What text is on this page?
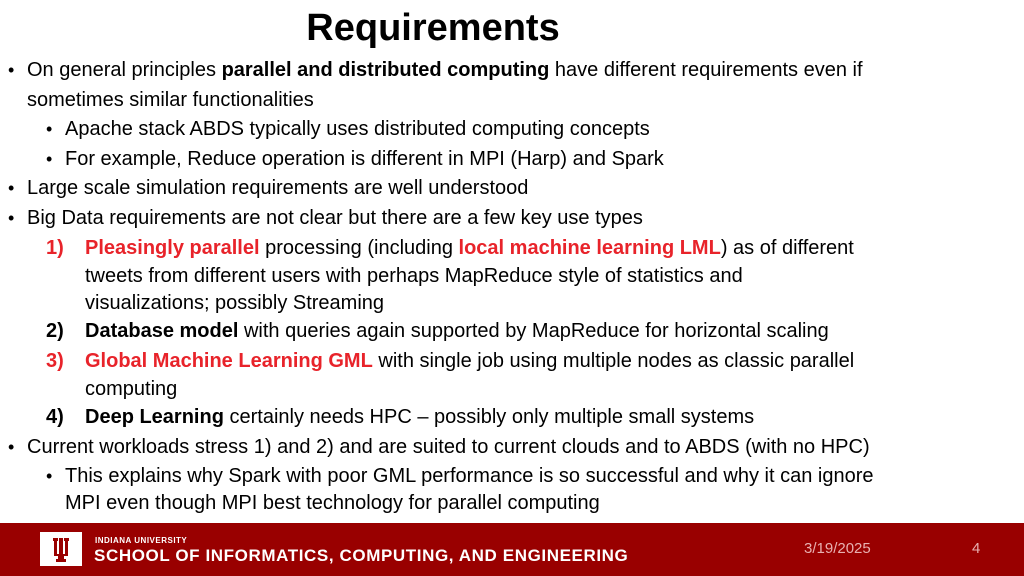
Requirements
• On general principles parallel and distributed computing have different requirements even if
sometimes similar functionalities
• Apache stack ABDS typically uses distributed computing concepts
• For example, Reduce operation is different in MPI (Harp) and Spark
• Large scale simulation requirements are well understood
• Big Data requirements are not clear but there are a few key use types
1) Pleasingly parallel processing (including local machine learning LML) as of different
tweets from different users with perhaps MapReduce style of statistics and
visualizations; possibly Streaming
2) Database model with queries again supported by MapReduce for horizontal scaling
3) Global Machine Learning GML with single job using multiple nodes as classic parallel
computing
4) Deep Learning certainly needs HPC – possibly only multiple small systems
• Current workloads stress 1) and 2) and are suited to current clouds and to ABDS (with no HPC)
• This explains why Spark with poor GML performance is so successful and why it can ignore
MPI even though MPI best technology for parallel computing
INDIANA UNIVERSITY
SCHOOL OF INFORMATICS, COMPUTING, AND ENGINEERING	3/19/2025	4
